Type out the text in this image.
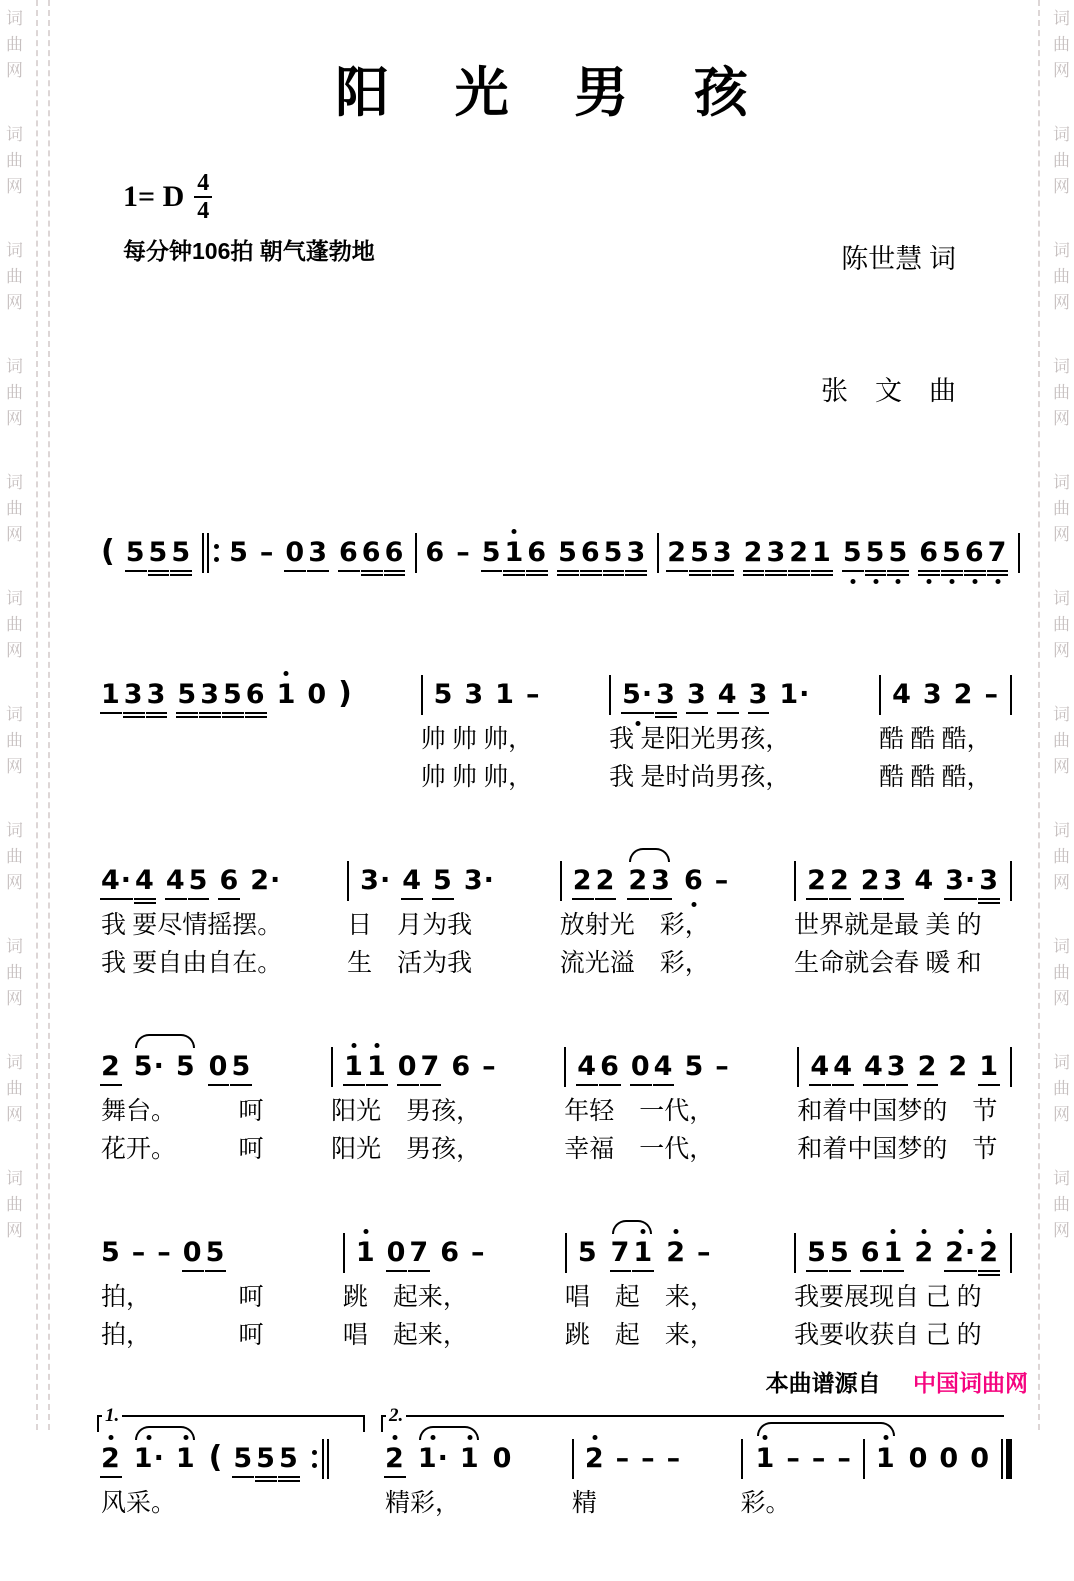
词
曲
网
词
曲
网
词
曲
网
词
曲
网
词
曲
网
词
曲
网
词
曲
网
词
曲
网
词
曲
网
词
曲
网
词
曲
网
词
曲
网
词
曲
网
词
曲
网
词
曲
网
词
曲
网
词
曲
网
词
曲
网
词
曲
网
词
曲
网
词
曲
网
词
曲
网
阳 光 男 孩
1= D $\frac{4}{4}$
每分钟106拍 朝气蓬勃地

	陈世慧 词

张　文　曲

( 5 5 5 5 – 0 3 6 6 6 6 – 5 1 6 5 6 5 3 2 5 3 2 3 2 1 5 5 5 6 5 6 7
1 3 3 5 3 5 6 1 0 )	5 3 1 –
帅 帅 帅，
帅 帅 帅，
5· 3 3 4 3 1·
我 是阳光男孩，
我 是时尚男孩，
4 3 2 –
酷 酷 酷，
酷 酷 酷，
4· 4 4 5 6 2·
我 要尽情摇摆。
我 要自由自在。
3· 4 5 3·
日　月为我
生　活为我
2 2 2 3 6 –
放射光　彩，
流光溢　彩，
2 2 2 3 4 3· 3
世界就是最 美 的
生命就会春 暖 和
2 5· 5 0 5
舞台。　　　呵
花开。　　　呵
1 1 0 7 6 –
阳光　男孩，
阳光　男孩，
4 6 0 4 5 –
年轻　一代，
幸福　一代，
4 4 4 3 2 2 1
和着中国梦的　节
和着中国梦的　节
5 – – 0 5
拍，　　　　呵
拍，　　　　呵
1 0 7 6 –
跳　起来，
唱　起来，
5 7 1 2 –
唱　起　来，
跳　起　来，
5 5 6 1 2 2· 2
我要展现自 己 的
我要收获自 己 的
1.
2 1· 1 ( 5 5 5
风采。
2.
2 1· 1 0
精彩，
2 – – –
精
1 – – – 1 0 0 0
彩。
本曲谱源自 中国词曲网
